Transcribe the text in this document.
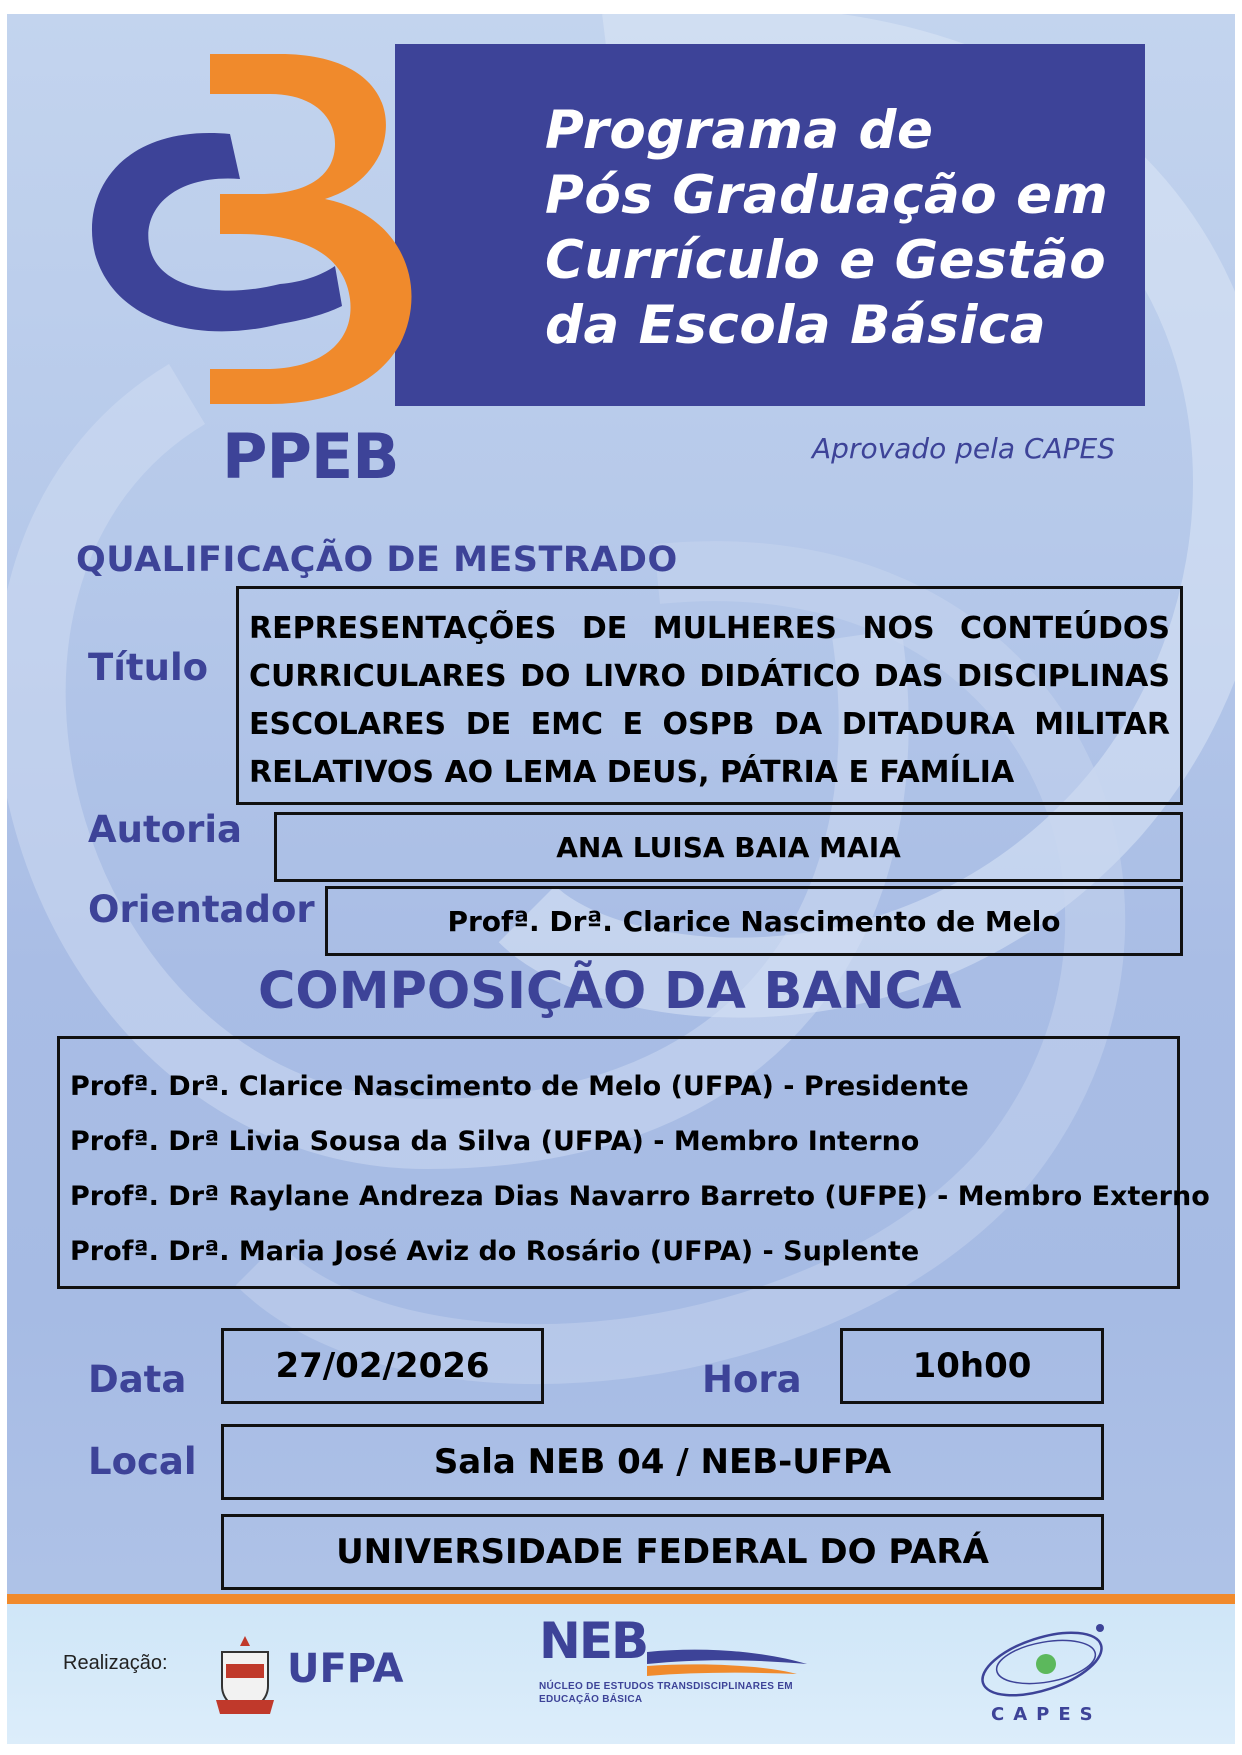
Programa de
Pós Graduação em
Currículo e Gestão
da Escola Básica
PPEB	Aprovado pela CAPES
QUALIFICAÇÃO DE MESTRADO
Título
REPRESENTAÇÕES DE MULHERES NOS CONTEÚDOS CURRICULARES DO LIVRO DIDÁTICO DAS DISCIPLINAS ESCOLARES DE EMC E OSPB DA DITADURA MILITAR RELATIVOS AO LEMA DEUS, PÁTRIA E FAMÍLIA
Autoria	ANA LUISA BAIA MAIA
Orientador	Profª. Drª. Clarice Nascimento de Melo
COMPOSIÇÃO DA BANCA
Profª. Drª. Clarice Nascimento de Melo (UFPA) - Presidente
Profª. Drª Livia Sousa da Silva (UFPA) - Membro Interno
Profª. Drª Raylane Andreza Dias Navarro Barreto (UFPE) - Membro Externo
Profª. Drª. Maria José Aviz do Rosário (UFPA) - Suplente
Data	27/02/2026	Hora	10h00
Local	Sala NEB 04 / NEB-UFPA
UNIVERSIDADE FEDERAL DO PARÁ
Realização:	UFPA	NEB
NÚCLEO DE ESTUDOS TRANSDISCIPLINARES EM
EDUCAÇÃO BÁSICA
CAPES
